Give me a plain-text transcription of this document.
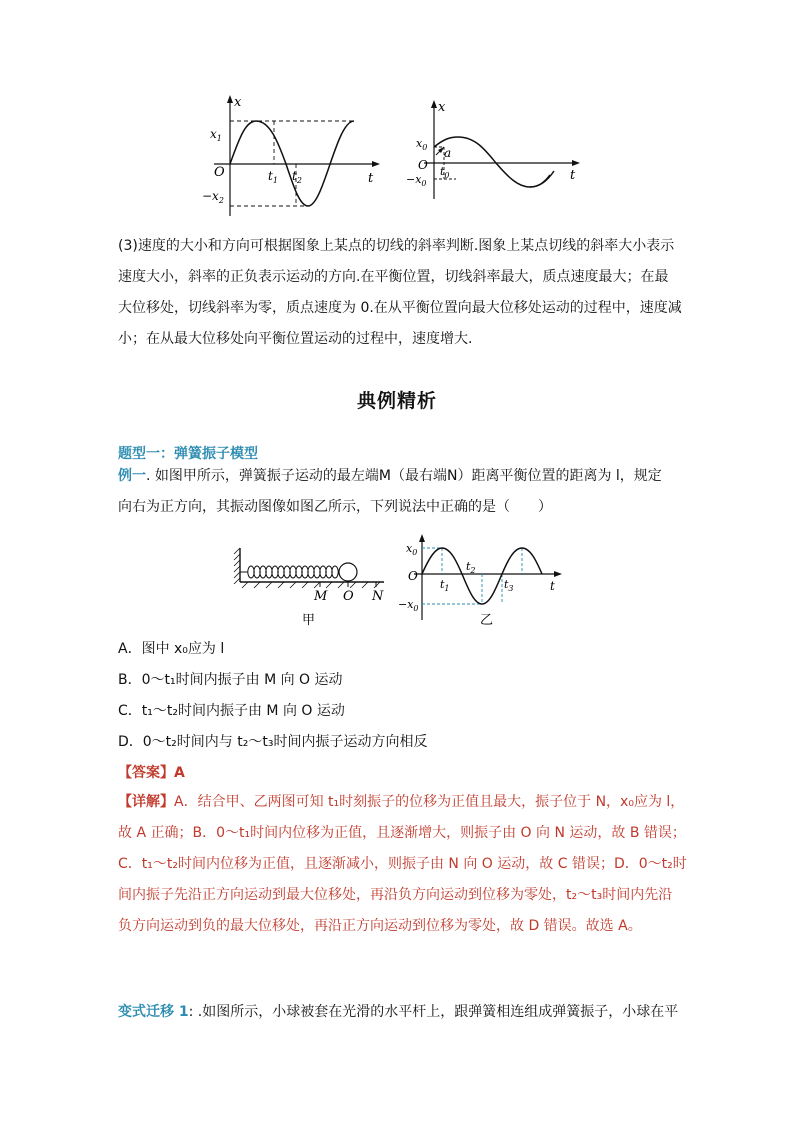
x
$x_1$
O	$t_1$ $t_2$
$-x_2$
t
x
$x_0$ a
O $t_0$
$-x_0$
t
(3)速度的大小和方向可根据图象上某点的切线的斜率判断.图象上某点切线的斜率大小表示
速度大小，斜率的正负表示运动的方向.在平衡位置，切线斜率最大，质点速度最大；在最
大位移处，切线斜率为零，质点速度为 0.在从平衡位置向最大位移处运动的过程中，速度减
小；在从最大位移处向平衡位置运动的过程中，速度增大.
典例精析
题型一：弹簧振子模型
例一. 如图甲所示，弹簧振子运动的最左端M（最右端N）距离平衡位置的距离为 l，规定
向右为正方向，其振动图像如图乙所示，下列说法中正确的是（　　）
M O N
甲
$x_0$
O
$t_1$
$t_2$
$t_3$
$-x_0$
t
乙
A．图中 x₀应为 l
B．0～t₁时间内振子由 M 向 O 运动
C．t₁～t₂时间内振子由 M 向 O 运动
D．0～t₂时间内与 t₂～t₃时间内振子运动方向相反
【答案】A
【详解】A．结合甲、乙两图可知 t₁时刻振子的位移为正值且最大，振子位于 N，x₀应为 l，
故 A 正确；B．0～t₁时间内位移为正值，且逐渐增大，则振子由 O 向 N 运动，故 B 错误；
C．t₁～t₂时间内位移为正值，且逐渐减小，则振子由 N 向 O 运动，故 C 错误；D．0～t₂时
间内振子先沿正方向运动到最大位移处，再沿负方向运动到位移为零处，t₂～t₃时间内先沿
负方向运动到负的最大位移处，再沿正方向运动到位移为零处，故 D 错误。故选 A。
变式迁移 1: .如图所示，小球被套在光滑的水平杆上，跟弹簧相连组成弹簧振子，小球在平
